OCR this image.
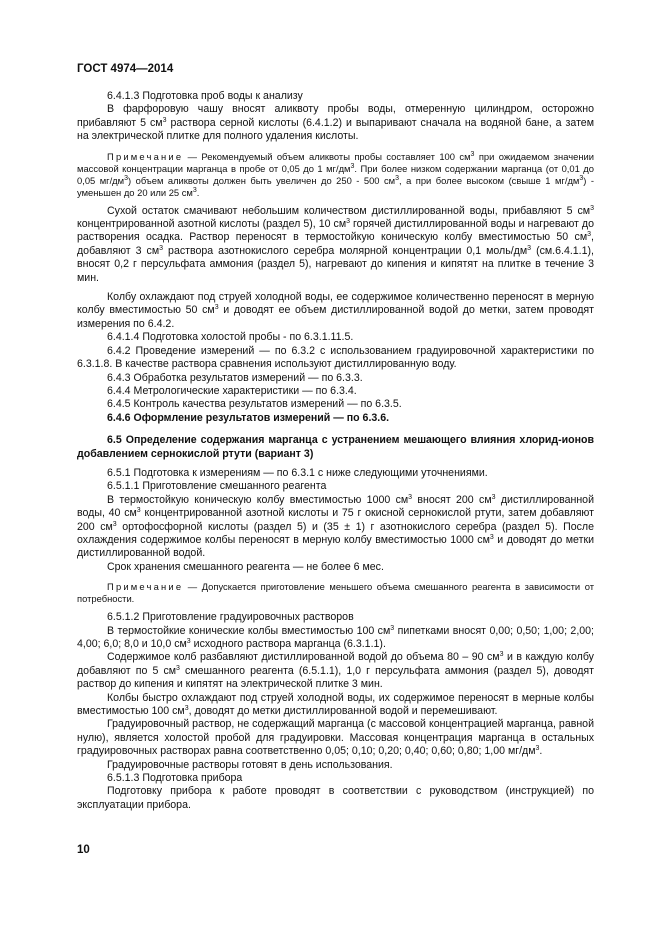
ГОСТ 4974—2014

6.4.1.3 Подготовка проб воды к анализу

В фарфоровую чашу вносят аликвоту пробы воды, отмеренную цилиндром, осторожно прибавляют 5 $см^3$ раствора серной кислоты (6.4.1.2) и выпаривают сначала на водяной бане, а затем на электрической плитке для полного удаления кислоты.

Примечание — Рекомендуемый объем аликвоты пробы составляет 100 $см^3$ при ожидаемом значении массовой концентрации марганца в пробе от 0,05 до 1 $мг/дм^3$. При более низком содержании марганца (от 0,01 до 0,05 $мг/дм^3$) объем аликвоты должен быть увеличен до 250 - 500 $см^3$, а при более высоком (свыше 1 $мг/дм^3$) - уменьшен до 20 или 25 $см^3$.

Сухой остаток смачивают небольшим количеством дистиллированной воды, прибавляют 5 $см^3$ концентрированной азотной кислоты (раздел 5), 10 $см^3$ горячей дистиллированной воды и нагревают до растворения осадка. Раствор переносят в термостойкую коническую колбу вместимостью 50 $см^3$, добавляют 3 $см^3$ раствора азотнокислого серебра молярной концентрации 0,1 моль/$дм^3$ (см.6.4.1.1), вносят 0,2 г персульфата аммония (раздел 5), нагревают до кипения и кипятят на плитке в течение 3 мин.

Колбу охлаждают под струей холодной воды, ее содержимое количественно переносят в мерную колбу вместимостью 50 $см^3$ и доводят ее объем дистиллированной водой до метки, затем проводят измерения по 6.4.2.

6.4.1.4 Подготовка холостой пробы - по 6.3.1.11.5.

6.4.2 Проведение измерений — по 6.3.2 с использованием градуировочной характеристики по 6.3.1.8. В качестве раствора сравнения используют дистиллированную воду.

6.4.3 Обработка результатов измерений — по 6.3.3.

6.4.4 Метрологические характеристики — по 6.3.4.

6.4.5 Контроль качества результатов измерений — по 6.3.5.

6.4.6 Оформление результатов измерений — по 6.3.6.

6.5 Определение содержания марганца с устранением мешающего влияния хлорид-ионов добавлением сернокислой ртути (вариант 3)

6.5.1 Подготовка к измерениям — по 6.3.1 с ниже следующими уточнениями.

6.5.1.1 Приготовление смешанного реагента

В термостойкую коническую колбу вместимостью 1000 $см^3$ вносят 200 $см^3$ дистиллированной воды, 40 $см^3$ концентрированной азотной кислоты и 75 г окисной сернокислой ртути, затем добавляют 200 $см^3$ ортофосфорной кислоты (раздел 5) и (35 ± 1) г азотнокислого серебра (раздел 5). После охлаждения содержимое колбы переносят в мерную колбу вместимостью 1000 $см^3$ и доводят до метки дистиллированной водой.

Срок хранения смешанного реагента — не более 6 мес.

Примечание — Допускается приготовление меньшего объема смешанного реагента в зависимости от потребности.

6.5.1.2 Приготовление градуировочных растворов

В термостойкие конические колбы вместимостью 100 $см^3$ пипетками вносят 0,00; 0,50; 1,00; 2,00; 4,00; 6,0; 8,0 и 10,0 $см^3$ исходного раствора марганца (6.3.1.1).

Содержимое колб разбавляют дистиллированной водой до объема 80 – 90 $см^3$ и в каждую колбу добавляют по 5 $см^3$ смешанного реагента (6.5.1.1), 1,0 г персульфата аммония (раздел 5), доводят раствор до кипения и кипятят на электрической плитке 3 мин.

Колбы быстро охлаждают под струей холодной воды, их содержимое переносят в мерные колбы вместимостью 100 $см^3$, доводят до метки дистиллированной водой и перемешивают.

Градуировочный раствор, не содержащий марганца (с массовой концентрацией марганца, равной нулю), является холостой пробой для градуировки. Массовая концентрация марганца в остальных градуировочных растворах равна соответственно 0,05; 0,10; 0,20; 0,40; 0,60; 0,80; 1,00 $мг/дм^3$.

Градуировочные растворы готовят в день использования.

6.5.1.3 Подготовка прибора

Подготовку прибора к работе проводят в соответствии с руководством (инструкцией) по эксплуатации прибора.

10
